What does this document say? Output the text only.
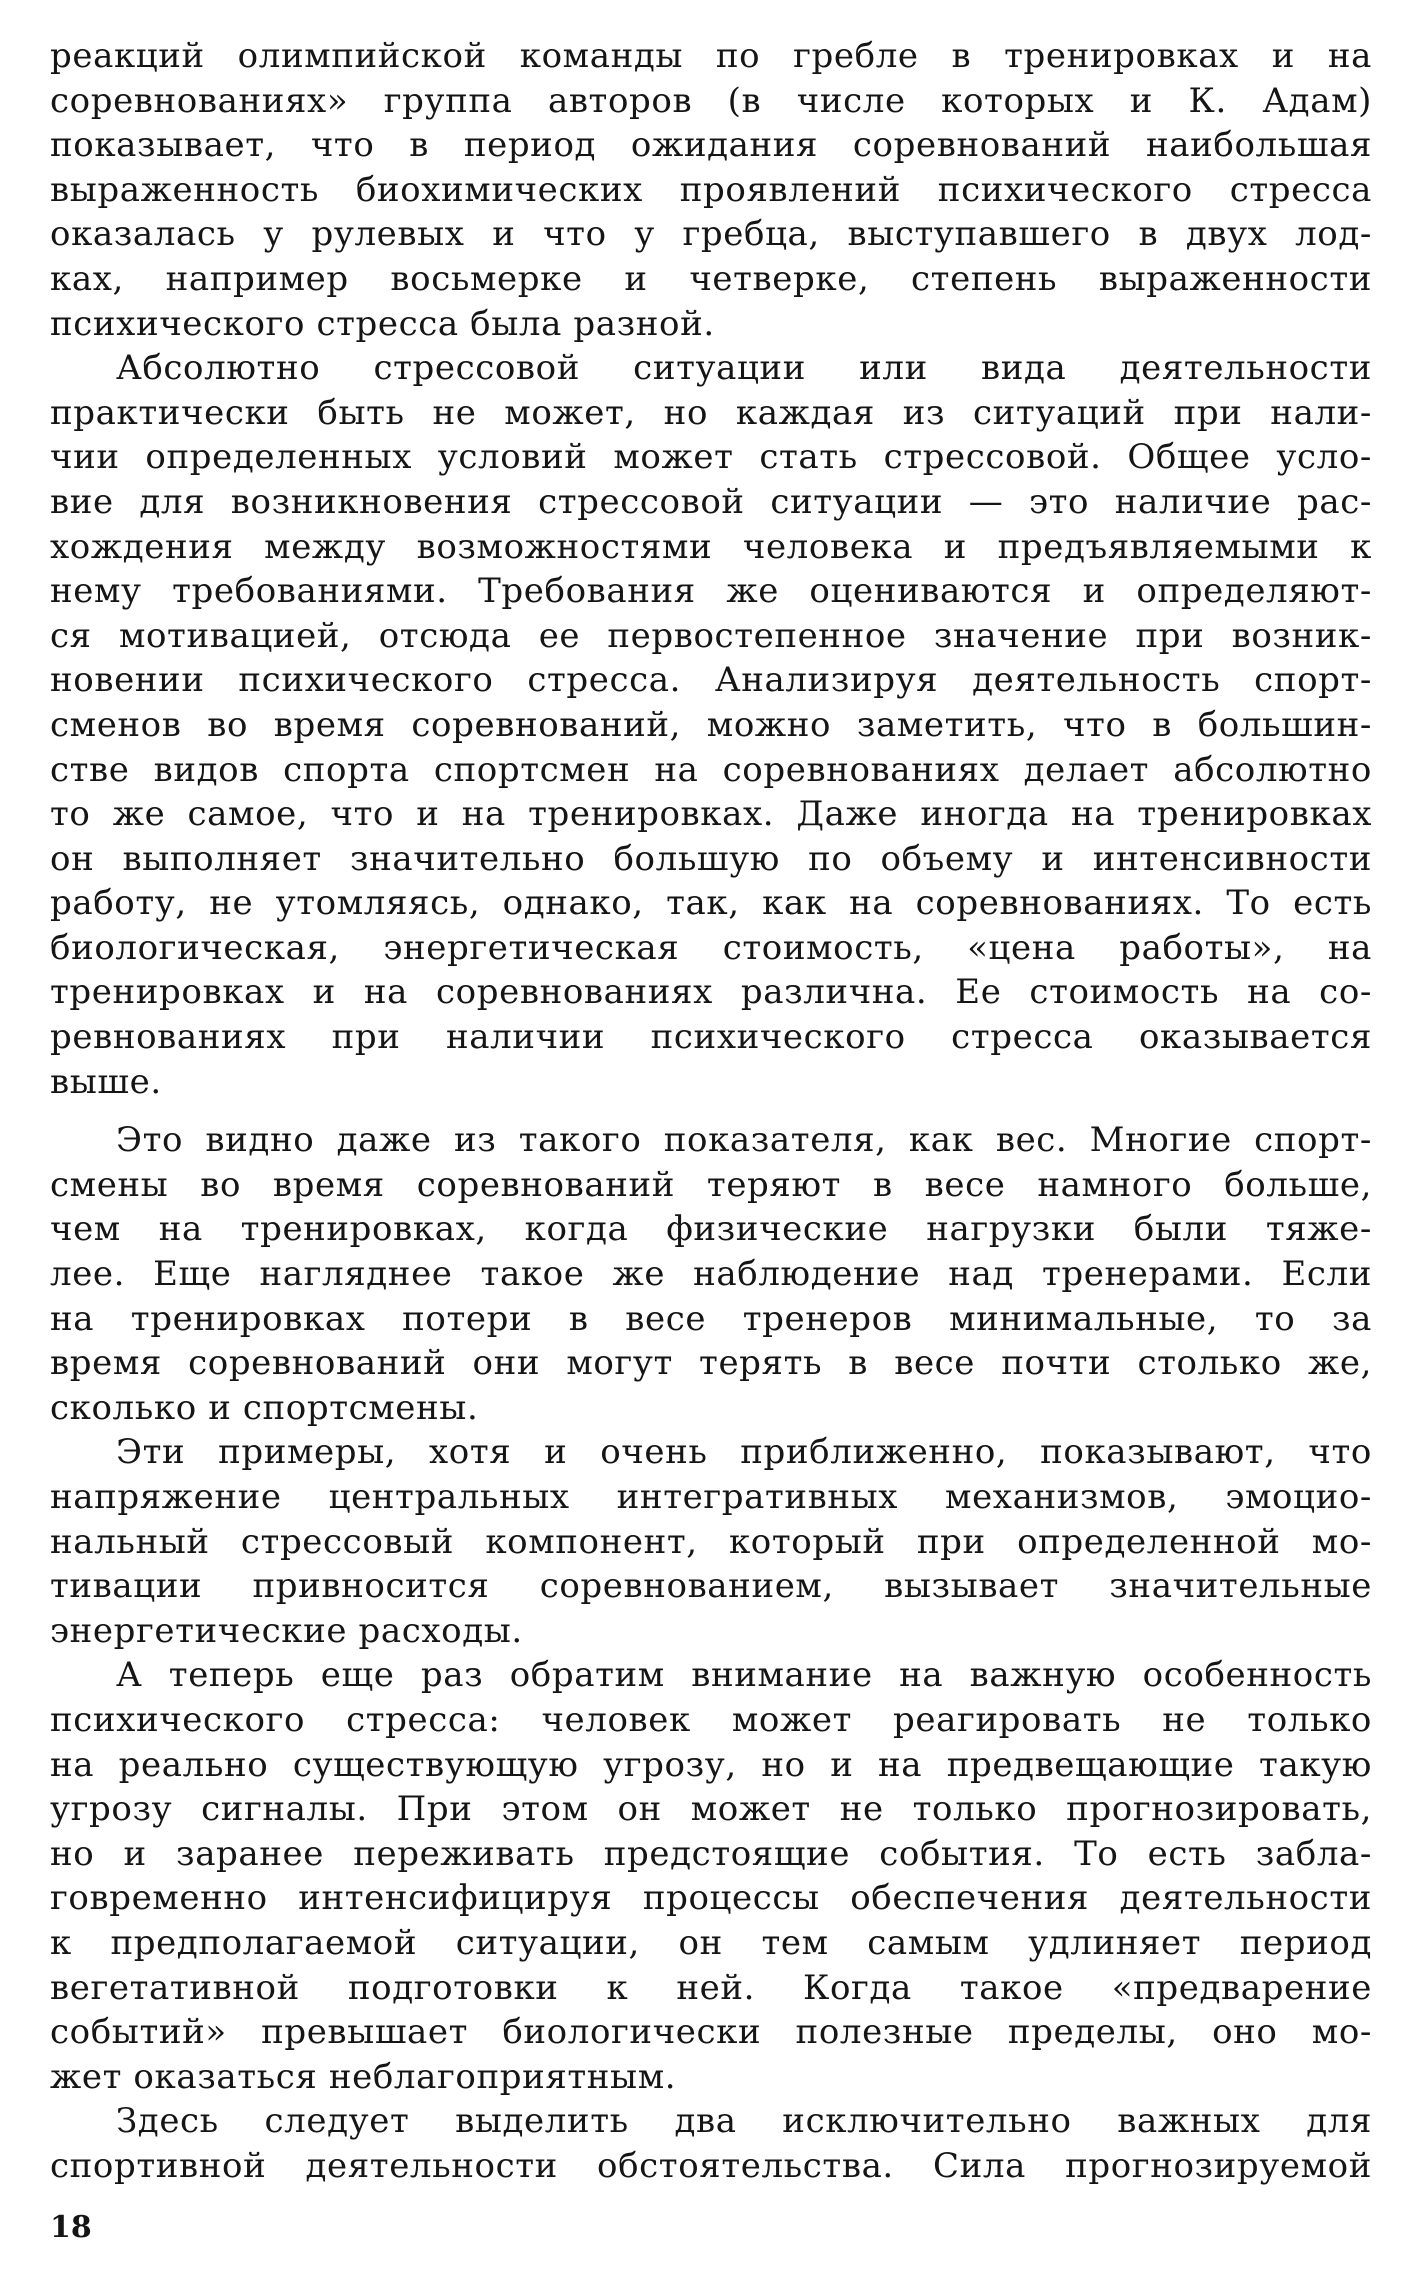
реакций олимпийской команды по гребле в тренировках и на
соревнованиях» группа авторов (в числе которых и К. Адам)
показывает, что в период ожидания соревнований наибольшая
выраженность биохимических проявлений психического стресса
оказалась у рулевых и что у гребца, выступавшего в двух лод-
ках, например восьмерке и четверке, степень выраженности
психического стресса была разной.
Абсолютно стрессовой ситуации или вида деятельности
практически быть не может, но каждая из ситуаций при нали-
чии определенных условий может стать стрессовой. Общее усло-
вие для возникновения стрессовой ситуации — это наличие рас-
хождения между возможностями человека и предъявляемыми к
нему требованиями. Требования же оцениваются и определяют-
ся мотивацией, отсюда ее первостепенное значение при возник-
новении психического стресса. Анализируя деятельность спорт-
сменов во время соревнований, можно заметить, что в большин-
стве видов спорта спортсмен на соревнованиях делает абсолютно
то же самое, что и на тренировках. Даже иногда на тренировках
он выполняет значительно большую по объему и интенсивности
работу, не утомляясь, однако, так, как на соревнованиях. То есть
биологическая, энергетическая стоимость, «цена работы», на
тренировках и на соревнованиях различна. Ее стоимость на со-
ревнованиях при наличии психического стресса оказывается
выше.
Это видно даже из такого показателя, как вес. Многие спорт-
смены во время соревнований теряют в весе намного больше,
чем на тренировках, когда физические нагрузки были тяже-
лее. Еще нагляднее такое же наблюдение над тренерами. Если
на тренировках потери в весе тренеров минимальные, то за
время соревнований они могут терять в весе почти столько же,
сколько и спортсмены.
Эти примеры, хотя и очень приближенно, показывают, что
напряжение центральных интегративных механизмов, эмоцио-
нальный стрессовый компонент, который при определенной мо-
тивации привносится соревнованием, вызывает значительные
энергетические расходы.
А теперь еще раз обратим внимание на важную особенность
психического стресса: человек может реагировать не только
на реально существующую угрозу, но и на предвещающие такую
угрозу сигналы. При этом он может не только прогнозировать,
но и заранее переживать предстоящие события. То есть забла-
говременно интенсифицируя процессы обеспечения деятельности
к предполагаемой ситуации, он тем самым удлиняет период
вегетативной подготовки к ней. Когда такое «предварение
событий» превышает биологически полезные пределы, оно мо-
жет оказаться неблагоприятным.
Здесь следует выделить два исключительно важных для
спортивной деятельности обстоятельства. Сила прогнозируемой
18
